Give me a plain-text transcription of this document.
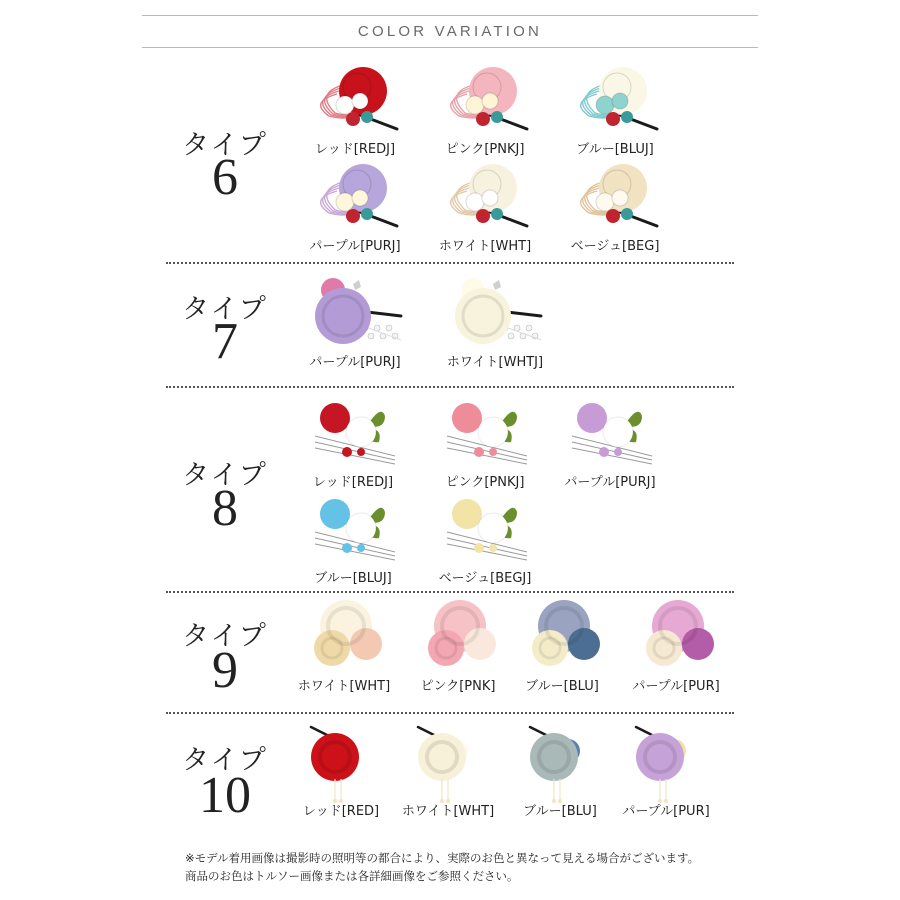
COLOR VARIATION
タイプ
6	レッド[REDJ]	ピンク[PNKJ]	ブルー[BLUJ]
パープル[PURJ]	ホワイト[WHT]	ベージュ[BEG]
タイプ
7	パープル[PURJ]	ホワイト[WHTJ]
タイプ
8	レッド[REDJ]	ピンク[PNKJ]	パープル[PURJ]
ブルー[BLUJ]	ベージュ[BEGJ]
タイプ
9	ホワイト[WHT]	ピンク[PNK]	ブルー[BLU]	パープル[PUR]
タイプ
10	レッド[RED]	ホワイト[WHT]	ブルー[BLU]	パープル[PUR]
※モデル着用画像は撮影時の照明等の都合により、実際のお色と異なって見える場合がございます。
商品のお色はトルソー画像または各詳細画像をご参照ください。
